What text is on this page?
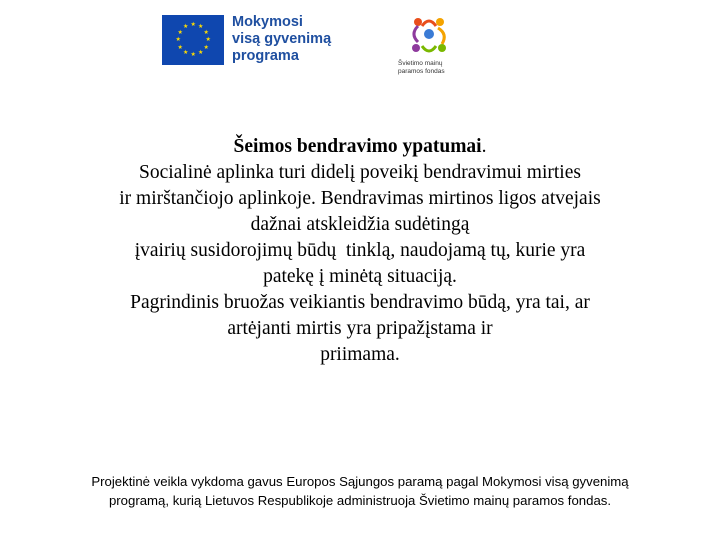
★
★
★
★
★
★
★
★
★ ★ ★
★
Mokymosi
visą gyvenimą
programa	Švietimo mainų
paramos fondas

Šeimos bendravimo ypatumai.

Socialinė aplinka turi didelį poveikį bendravimui mirties

ir mirštančiojo aplinkoje. Bendravimas mirtinos ligos atvejais

dažnai atskleidžia sudėtingą

įvairių susidorojimų būdų  tinklą, naudojamą tų, kurie yra

patekę į minėtą situaciją.

Pagrindinis bruožas veikiantis bendravimo būdą, yra tai, ar

artėjanti mirtis yra pripažįstama ir

priimama.

Projektinė veikla vykdoma gavus Europos Sąjungos paramą pagal Mokymosi visą gyvenimą
programą, kurią Lietuvos Respublikoje administruoja Švietimo mainų paramos fondas.
